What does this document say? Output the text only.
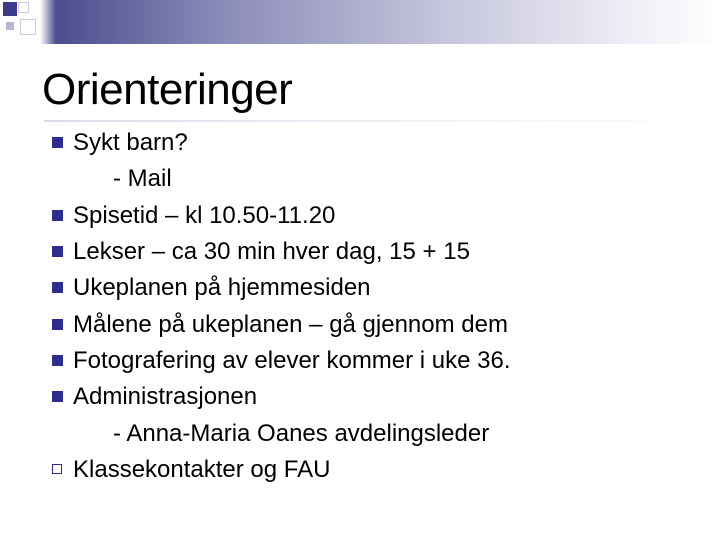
Orienteringer
Sykt barn?
- Mail
Spisetid – kl 10.50-11.20
Lekser – ca 30 min hver dag, 15 + 15
Ukeplanen på hjemmesiden
Målene på ukeplanen – gå gjennom dem
Fotografering av elever kommer i uke 36.
Administrasjonen
- Anna-Maria Oanes avdelingsleder
Klassekontakter og FAU
